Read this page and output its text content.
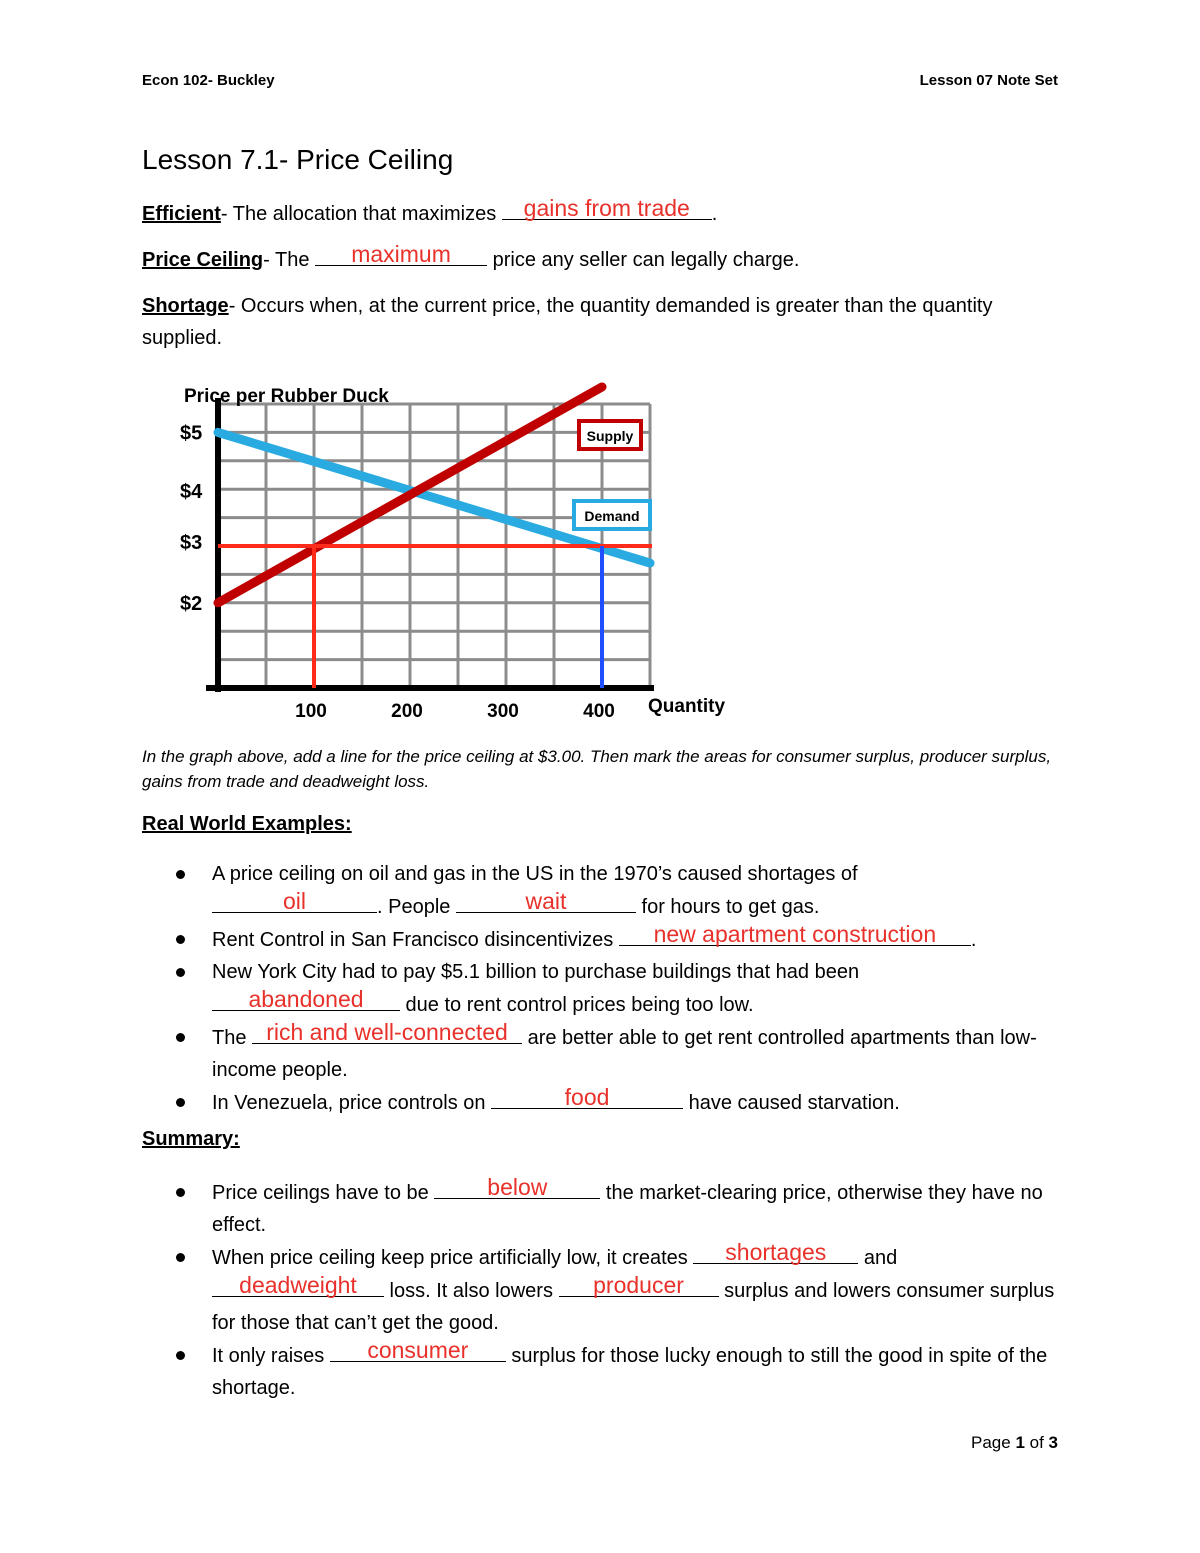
Econ 102- Buckley	Lesson 07 Note Set
Lesson 7.1- Price Ceiling
Efficient- The allocation that maximizes gains from trade	.
Price Ceiling- The	maximum	price any seller can legally charge.
Shortage- Occurs when, at the current price, the quantity demanded is greater than the quantity supplied.
Supply
Demand
Price per Rubber Duck
Quantity
$5
$4
$3
$2
100	200	300	400
In the graph above, add a line for the price ceiling at $3.00. Then mark the areas for consumer surplus, producer surplus, gains from trade and deadweight loss.
Real World Examples:
A price ceiling on oil and gas in the US in the 1970’s caused shortages of

oil	. People	wait	for hours to get gas.
Rent Control in San Francisco disincentivizes	new apartment construction	.
New York City had to pay $5.1 billion to purchase buildings that had been

abandoned	due to rent control prices being too low.
The rich and well-connected are better able to get rent controlled apartments than low-income people.
In Venezuela, price controls on	food	have caused starvation.
Summary:
Price ceilings have to be	below	the market-clearing price, otherwise they have no effect.
When price ceiling keep price artificially low, it creates	shortages	and

deadweight	loss. It also lowers	producer	surplus and lowers consumer surplus for those that can’t get the good.
It only raises	consumer	surplus for those lucky enough to still the good in spite of the shortage.
Page 1 of 3
